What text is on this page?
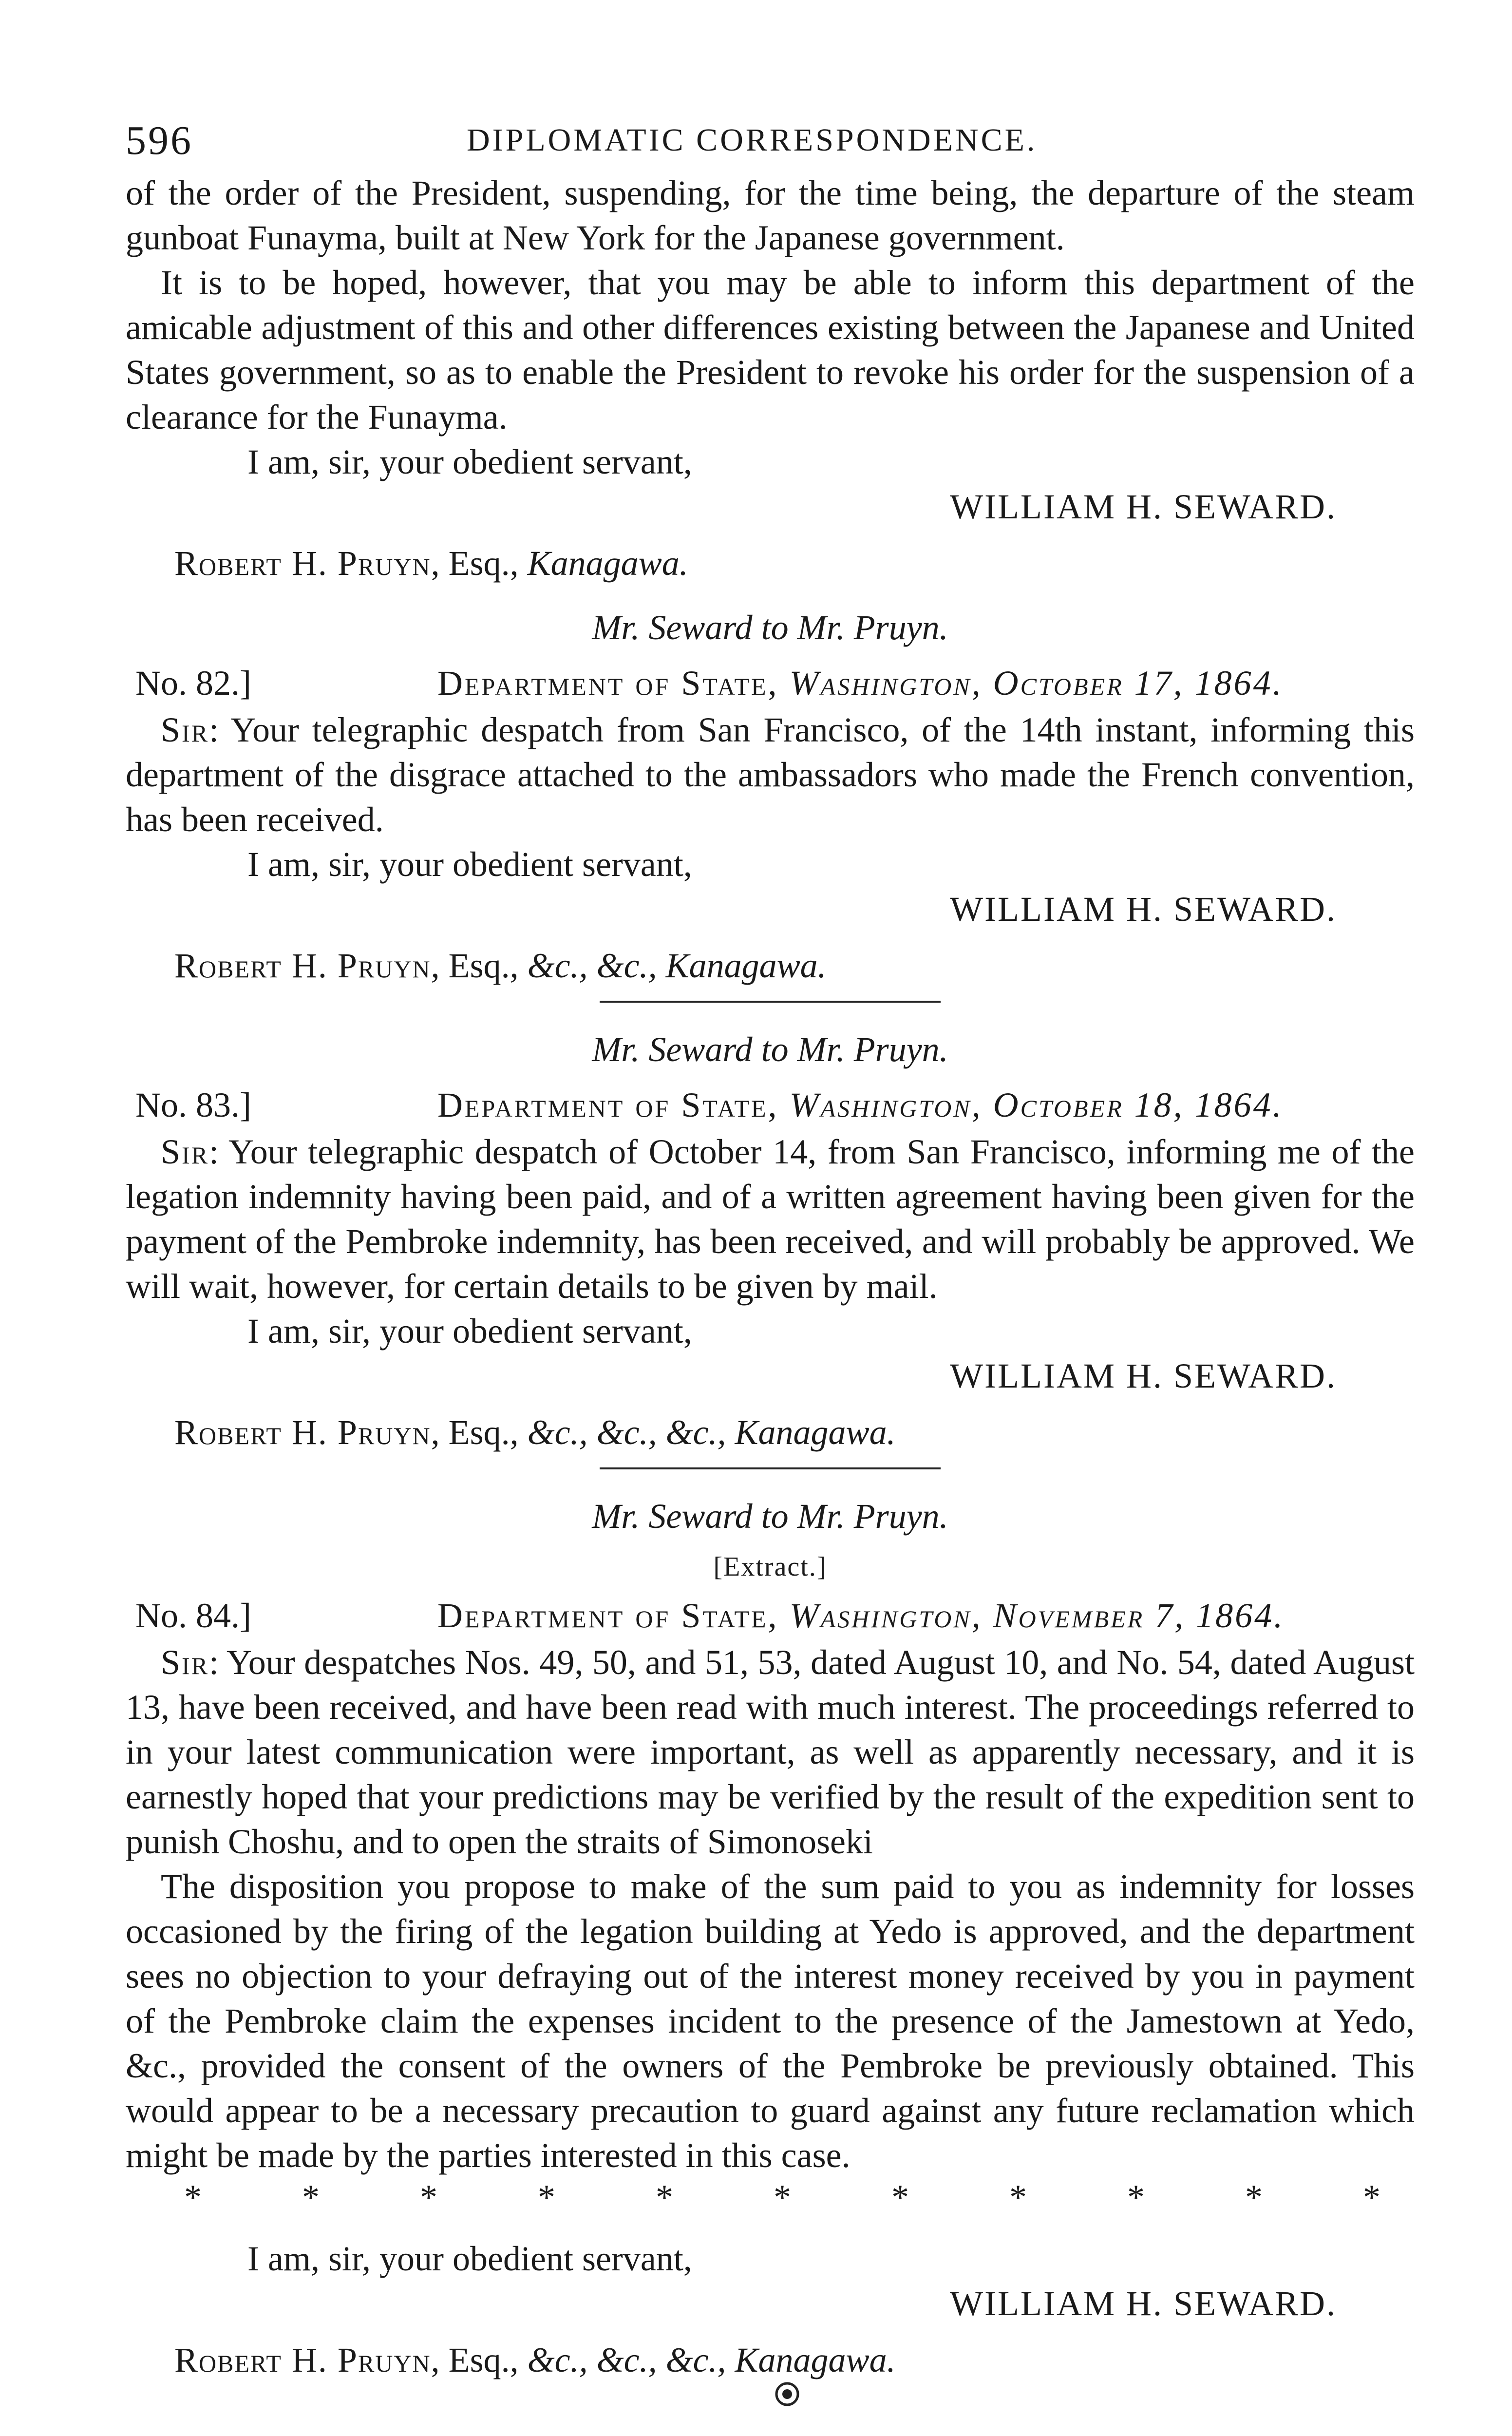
596	DIPLOMATIC CORRESPONDENCE.

of the order of the President, suspending, for the time being, the departure of the steam gunboat Funayma, built at New York for the Japanese government.

It is to be hoped, however, that you may be able to inform this department of the amicable adjustment of this and other differences existing between the Japanese and United States government, so as to enable the President to revoke his order for the suspension of a clearance for the Funayma.

I am, sir, your obedient servant,

WILLIAM H. SEWARD.

Robert H. Pruyn, Esq., Kanagawa.

Mr. Seward to Mr. Pruyn.

No. 82.]	Department of State, Washington, October 17, 1864.

Sir: Your telegraphic despatch from San Francisco, of the 14th instant, informing this department of the disgrace attached to the ambassadors who made the French convention, has been received.

I am, sir, your obedient servant,

WILLIAM H. SEWARD.

Robert H. Pruyn, Esq., &c., &c., Kanagawa.

Mr. Seward to Mr. Pruyn.

No. 83.]	Department of State, Washington, October 18, 1864.

Sir: Your telegraphic despatch of October 14, from San Francisco, informing me of the legation indemnity having been paid, and of a written agreement having been given for the payment of the Pembroke indemnity, has been received, and will probably be approved. We will wait, however, for certain details to be given by mail.

I am, sir, your obedient servant,

WILLIAM H. SEWARD.

Robert H. Pruyn, Esq., &c., &c., &c., Kanagawa.

Mr. Seward to Mr. Pruyn.

[Extract.]

No. 84.]	Department of State, Washington, November 7, 1864.

Sir: Your despatches Nos. 49, 50, and 51, 53, dated August 10, and No. 54, dated August 13, have been received, and have been read with much interest. The proceedings referred to in your latest communication were important, as well as apparently necessary, and it is earnestly hoped that your predictions may be verified by the result of the expedition sent to punish Choshu, and to open the straits of Simonoseki

The disposition you propose to make of the sum paid to you as indemnity for losses occasioned by the firing of the legation building at Yedo is approved, and the department sees no objection to your defraying out of the interest money received by you in payment of the Pembroke claim the expenses incident to the presence of the Jamestown at Yedo, &c., provided the consent of the owners of the Pembroke be previously obtained. This would appear to be a necessary precaution to guard against any future reclamation which might be made by the parties interested in this case.

*	*	*	*	*	*	*	*	*	*	*

I am, sir, your obedient servant,

WILLIAM H. SEWARD.

Robert H. Pruyn, Esq., &c., &c., &c., Kanagawa.
